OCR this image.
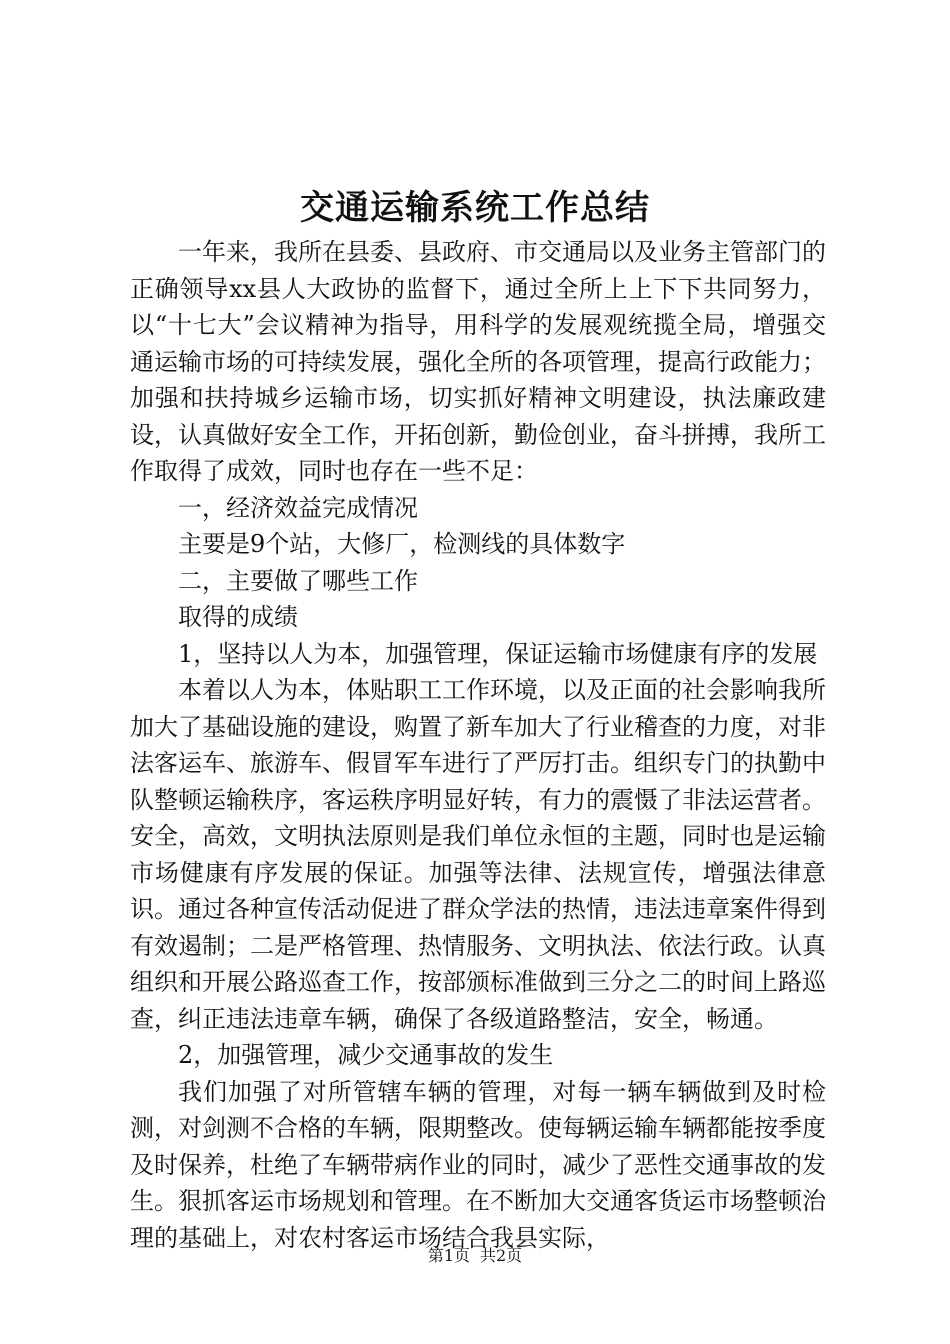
交通运输系统工作总结

一年来，我所在县委、县政府、市交通局以及业务主管部门的正确领导xx县人大政协的监督下，通过全所上上下下共同努力，以“十七大”会议精神为指导，用科学的发展观统揽全局，增强交通运输市场的可持续发展，强化全所的各项管理，提高行政能力；加强和扶持城乡运输市场，切实抓好精神文明建设，执法廉政建设，认真做好安全工作，开拓创新，勤俭创业，奋斗拼搏，我所工作取得了成效，同时也存在一些不足：

一，经济效益完成情况

主要是9个站，大修厂，检测线的具体数字

二，主要做了哪些工作

取得的成绩

1，坚持以人为本，加强管理，保证运输市场健康有序的发展

本着以人为本，体贴职工工作环境，以及正面的社会影响我所加大了基础设施的建设，购置了新车加大了行业稽查的力度，对非法客运车、旅游车、假冒军车进行了严厉打击。组织专门的执勤中队整顿运输秩序，客运秩序明显好转，有力的震慑了非法运营者。安全，高效，文明执法原则是我们单位永恒的主题，同时也是运输市场健康有序发展的保证。加强等法律、法规宣传，增强法律意识。通过各种宣传活动促进了群众学法的热情，违法违章案件得到有效遏制；二是严格管理、热情服务、文明执法、依法行政。认真组织和开展公路巡查工作，按部颁标准做到三分之二的时间上路巡查，纠正违法违章车辆，确保了各级道路整洁，安全，畅通。

2，加强管理，减少交通事故的发生

我们加强了对所管辖车辆的管理，对每一辆车辆做到及时检测，对剑测不合格的车辆，限期整改。使每辆运输车辆都能按季度及时保养，杜绝了车辆带病作业的同时，减少了恶性交通事故的发生。狠抓客运市场规划和管理。在不断加大交通客货运市场整顿治理的基础上，对农村客运市场结合我县实际，

第1页 共2页
